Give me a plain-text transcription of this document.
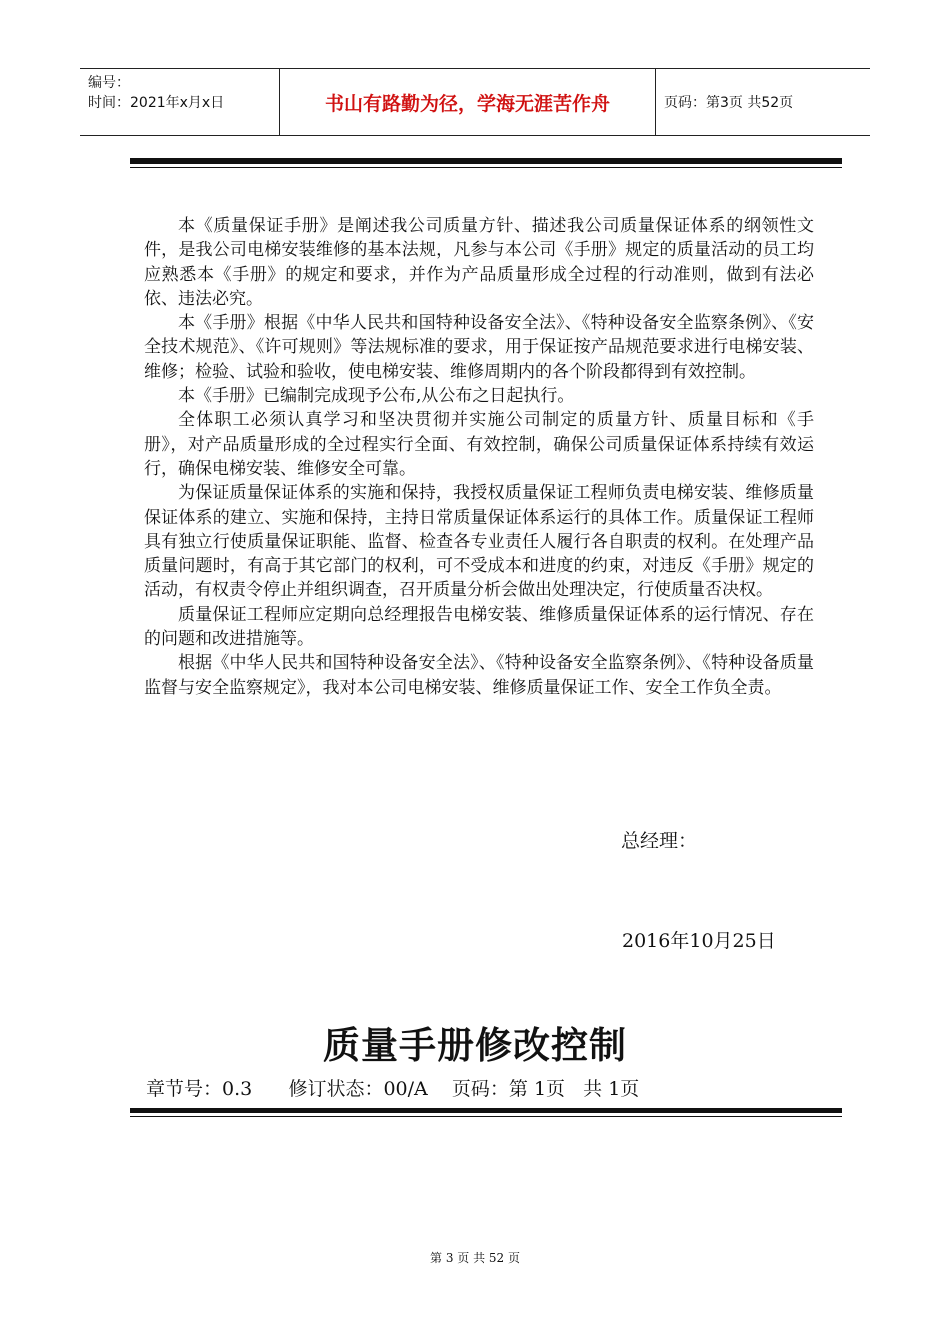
编号：
时间：2021年x月x日	书山有路勤为径，学海无涯苦作舟	页码：第3页 共52页

本《质量保证手册》是阐述我公司质量方针、描述我公司质量保证体系的纲领性文件，是我公司电梯安装维修的基本法规，凡参与本公司《手册》规定的质量活动的员工均应熟悉本《手册》的规定和要求，并作为产品质量形成全过程的行动准则，做到有法必依、违法必究。

本《手册》根据《中华人民共和国特种设备安全法》、《特种设备安全监察条例》、《安全技术规范》、《许可规则》等法规标准的要求，用于保证按产品规范要求进行电梯安装、维修；检验、试验和验收，使电梯安装、维修周期内的各个阶段都得到有效控制。

本《手册》已编制完成现予公布,从公布之日起执行。

全体职工必须认真学习和坚决贯彻并实施公司制定的质量方针、质量目标和《手册》，对产品质量形成的全过程实行全面、有效控制，确保公司质量保证体系持续有效运行，确保电梯安装、维修安全可靠。

为保证质量保证体系的实施和保持，我授权质量保证工程师负责电梯安装、维修质量保证体系的建立、实施和保持，主持日常质量保证体系运行的具体工作。质量保证工程师具有独立行使质量保证职能、监督、检查各专业责任人履行各自职责的权利。在处理产品质量问题时，有高于其它部门的权利，可不受成本和进度的约束，对违反《手册》规定的活动，有权责令停止并组织调查，召开质量分析会做出处理决定，行使质量否决权。

质量保证工程师应定期向总经理报告电梯安装、维修质量保证体系的运行情况、存在的问题和改进措施等。

根据《中华人民共和国特种设备安全法》、《特种设备安全监察条例》、《特种设备质量监督与安全监察规定》，我对本公司电梯安装、维修质量保证工作、安全工作负全责。

总经理：
2016年10月25日
质量手册修改控制
章节号：0.3      修订状态：00/A    页码：第 1页   共 1页
第 3 页 共 52 页
